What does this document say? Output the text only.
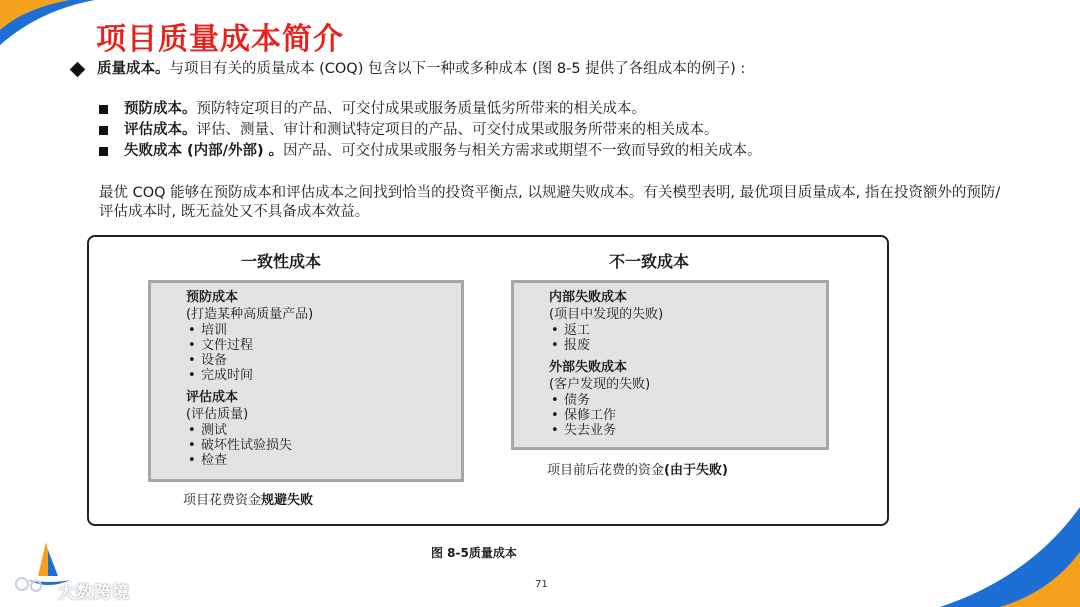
项目质量成本简介

质量成本。与项目有关的质量成本 (COQ) 包含以下一种或多种成本 (图 8-5 提供了各组成本的例子) :

预防成本。预防特定项目的产品、可交付成果或服务质量低劣所带来的相关成本。
评估成本。评估、测量、审计和测试特定项目的产品、可交付成果或服务所带来的相关成本。
失败成本 (内部/外部) 。因产品、可交付成果或服务与相关方需求或期望不一致而导致的相关成本。

最优 COQ 能够在预防成本和评估成本之间找到恰当的投资平衡点, 以规避失败成本。有关模型表明, 最优项目质量成本, 指在投资额外的预防/评估成本时, 既无益处又不具备成本效益。

一致性成本	不一致成本
预防成本
(打造某种高质量产品)
• 培训
• 文件过程
• 设备
• 完成时间
评估成本
(评估质量)
• 测试
• 破坏性试验损失
• 检查
项目花费资金规避失败
内部失败成本
(项目中发现的失败)
• 返工
• 报废
外部失败成本
(客户发现的失败)
• 债务
• 保修工作
• 失去业务
项目前后花费的资金(由于失败)
图 8-5质量成本
71
大数跨境
